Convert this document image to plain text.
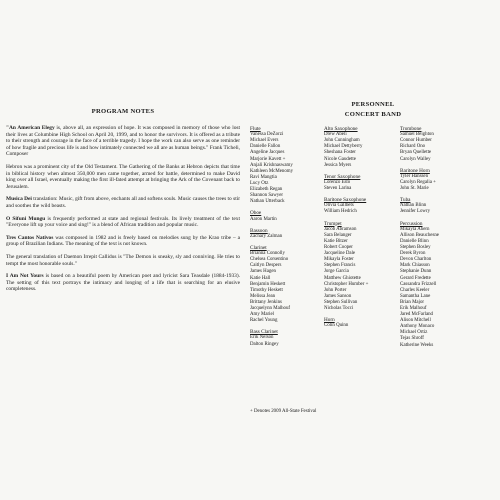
PROGRAM NOTES

"An American Elegy is, above all, an expression of hope. It was composed in memory of those who lost their lives at Columbine High School on April 20, 1999, and to honor the survivors. It is offered as a tribute to their strength and courage in the face of a terrible tragedy. I hope the work can also serve as one reminder of how fragile and precious life is and how intimately connected we all are as human beings." Frank Ticheli, Composer

Hebron was a prominent city of the Old Testament. The Gathering of the Banks at Hebron depicts that time in biblical history when almost 350,000 men came together, armed for battle, determined to make David king over all Israel, eventually making the first ill-fated attempt at bringing the Ark of the Covenant back to Jerusalem.

Musica Dei translation: Music, gift from above, enchants all and softens souls. Music causes the trees to stir and soothes the wild beasts.

O Sifuni Mungu is frequently performed at state and regional festivals. Its lively treatment of the text "Everyone lift up your voice and sing!" is a blend of African tradition and popular music.

Tres Cantos Nativos was composed in 1982 and is freely based on melodies sung by the Krao tribe – a group of Brazilian Indians. The meaning of the text is not known.

The general translation of Daemon Irrepit Callidus is "The Demon is sneaky, sly and conniving. He tries to tempt the most honorable souls."

I Am Not Yours is based on a beautiful poem by American poet and lyricist Sara Teasdale (1884-1933). The setting of this text portrays the intimacy and longing of a life that is searching for an elusive completeness.

PERSONNEL

CONCERT BAND

+ Denotes 2009 All-State Festival

Flute

Vanessa DeZorzi

Michael Evers

Danielle Fallon

Angeline Jacques

Marjorie Kavett +

Anjali Krishnaswamy

Kathleen McMenomy

Ravi Mangtia

Lucy Otz

Elizabeth Regan

Shannon Sawyer

Nathan Utterback

Oboe

Aaron Martin

Bassoon

Zachary Zalman

Clarinet

Brianna Connolly

Chelsea Corsentino

Caitlyn Despers

James Hagen

Katie Hall

Benjamin Heskett

Timothy Heskett

Melissa Jean

Brittany Jenkins

Jacquelynn Malhouf

Amy Mariel

Rachel Young

Bass Clarinet

Erik Nelson

Dalton Ringey

Alto Saxophone

Drew Abeli

John Cunningham

Michael Dettyberry

Sheshana Foster

Nicole Gaudette

Jessica Myers

Tenor Saxophone

Lorenzo Esto

Steven Larina

Baritone Saxophone

Olivia Gallbets

William Hedrich

Trumpet

Jacob Abramson

Sara Belanger

Katie Bitzer

Robert Cooper

Jacqueline Dale

Mikayla Foster

Stephen Francis

Jorge Garcia

Matthew Ghiotette

Christopher Humber +

John Porter

James Sanson

Stephen Sullivan

Nicholas Tocci

Horn

Colin Quinn

Trombone

Samuel Beighton

Connor Humber

Richard Ono

Bryan Quellette

Carolyn Walley

Baritone Horn

Tyler Hanssen

Carolyn Regalia +

John St. Marie

Tuba

Nathan Blinn

Jennifer Lowry

Percussion

Mikayla Ahern

Allison Beauchesne

Danielle Blinn

Stephen Bosley

Derek Byron

Devon Charlton

Mark Chiasson

Stephanie Dunn

Gerard Fredette

Cassandra Frizzell

Charles Keeler

Samantha Lane

Brian Major

Erik Malhouf

Jared McFarland

Alison Mitchell

Anthony Monaco

Michael Ortiz

Tejas Shroff

Katherine Weeks
